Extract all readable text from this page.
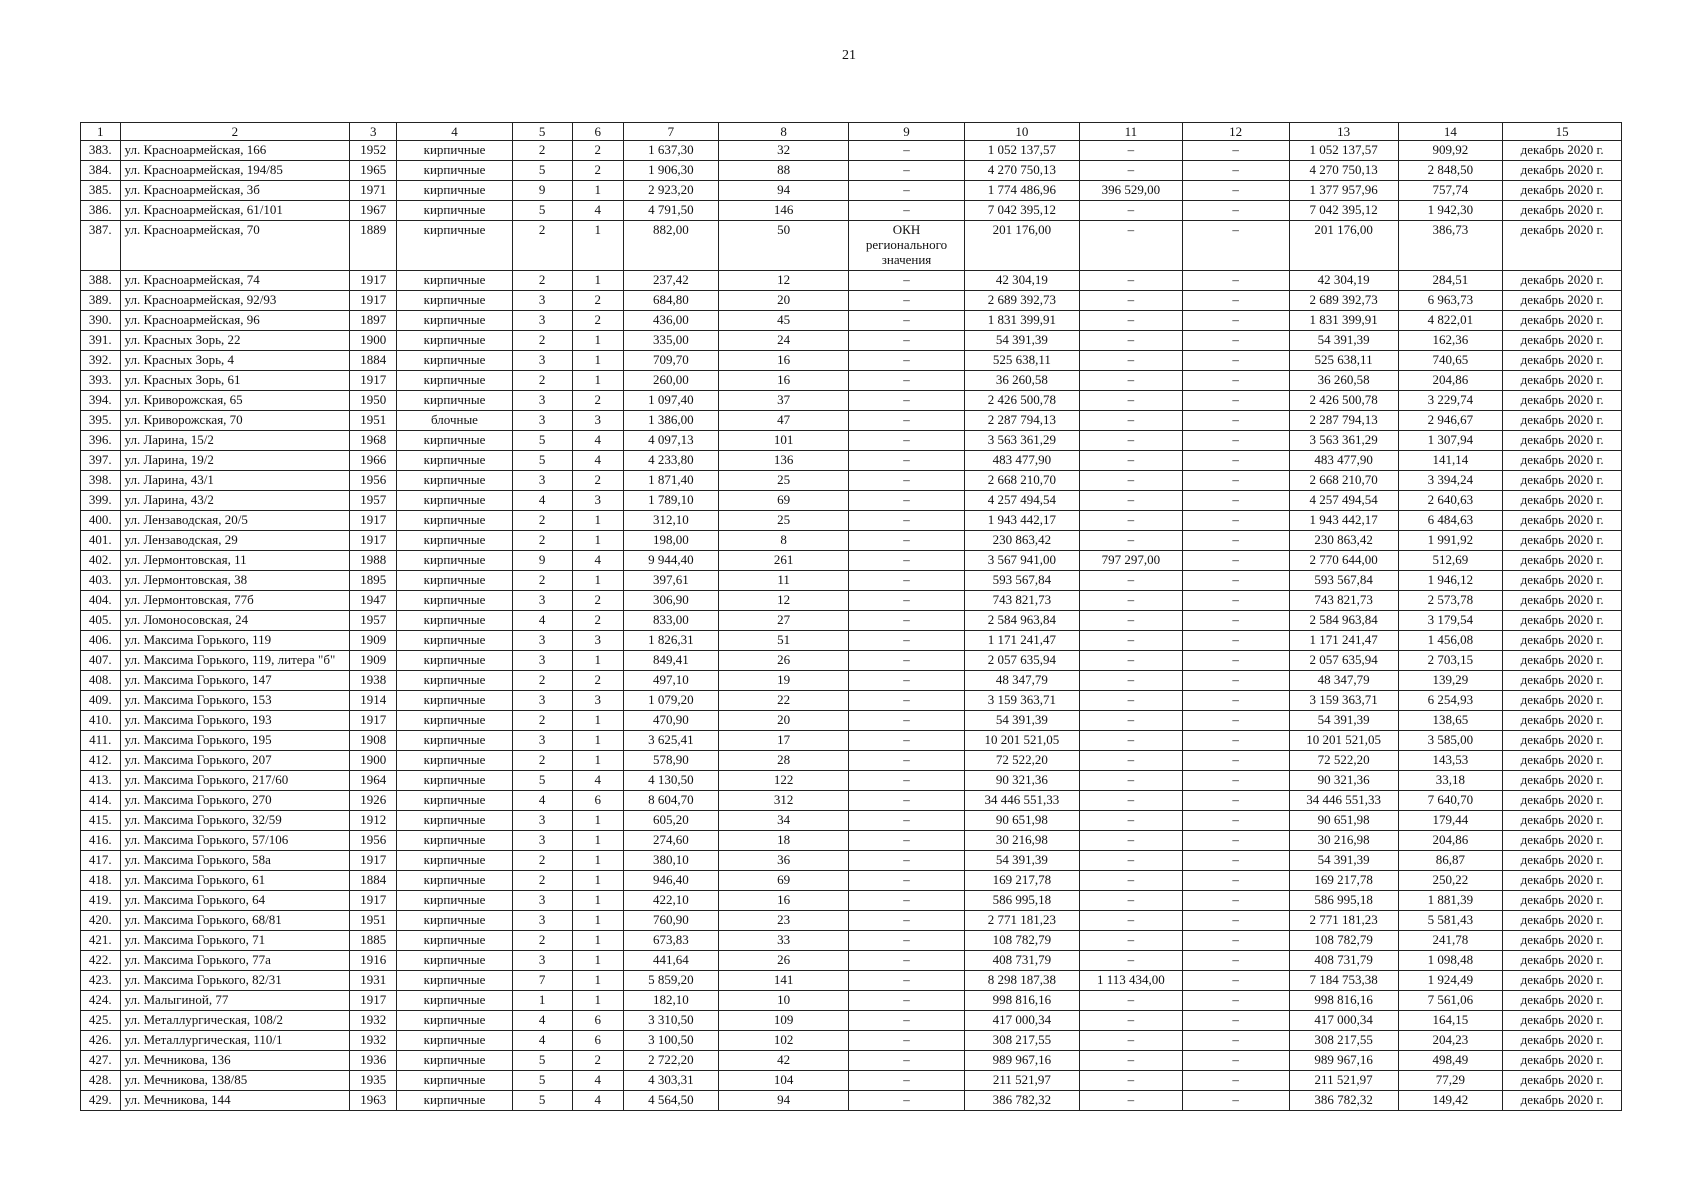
21
1	2	3	4	5	6	7	8	9	10	11	12	13	14	15
383.	ул. Красноармейская, 166	1952	кирпичные	2	2	1 637,30	32	–	1 052 137,57	–	–	1 052 137,57	909,92	декабрь 2020 г.
384.	ул. Красноармейская, 194/85	1965	кирпичные	5	2	1 906,30	88	–	4 270 750,13	–	–	4 270 750,13	2 848,50	декабрь 2020 г.
385.	ул. Красноармейская, 3б	1971	кирпичные	9	1	2 923,20	94	–	1 774 486,96	396 529,00	–	1 377 957,96	757,74	декабрь 2020 г.
386.	ул. Красноармейская, 61/101	1967	кирпичные	5	4	4 791,50	146	–	7 042 395,12	–	–	7 042 395,12	1 942,30	декабрь 2020 г.
387.	ул. Красноармейская, 70	1889	кирпичные	2	1	882,00	50	ОКН регионального значения	201 176,00	–	–	201 176,00	386,73	декабрь 2020 г.
388.	ул. Красноармейская, 74	1917	кирпичные	2	1	237,42	12	–	42 304,19	–	–	42 304,19	284,51	декабрь 2020 г.
389.	ул. Красноармейская, 92/93	1917	кирпичные	3	2	684,80	20	–	2 689 392,73	–	–	2 689 392,73	6 963,73	декабрь 2020 г.
390.	ул. Красноармейская, 96	1897	кирпичные	3	2	436,00	45	–	1 831 399,91	–	–	1 831 399,91	4 822,01	декабрь 2020 г.
391.	ул. Красных Зорь, 22	1900	кирпичные	2	1	335,00	24	–	54 391,39	–	–	54 391,39	162,36	декабрь 2020 г.
392.	ул. Красных Зорь, 4	1884	кирпичные	3	1	709,70	16	–	525 638,11	–	–	525 638,11	740,65	декабрь 2020 г.
393.	ул. Красных Зорь, 61	1917	кирпичные	2	1	260,00	16	–	36 260,58	–	–	36 260,58	204,86	декабрь 2020 г.
394.	ул. Криворожская, 65	1950	кирпичные	3	2	1 097,40	37	–	2 426 500,78	–	–	2 426 500,78	3 229,74	декабрь 2020 г.
395.	ул. Криворожская, 70	1951	блочные	3	3	1 386,00	47	–	2 287 794,13	–	–	2 287 794,13	2 946,67	декабрь 2020 г.
396.	ул. Ларина, 15/2	1968	кирпичные	5	4	4 097,13	101	–	3 563 361,29	–	–	3 563 361,29	1 307,94	декабрь 2020 г.
397.	ул. Ларина, 19/2	1966	кирпичные	5	4	4 233,80	136	–	483 477,90	–	–	483 477,90	141,14	декабрь 2020 г.
398.	ул. Ларина, 43/1	1956	кирпичные	3	2	1 871,40	25	–	2 668 210,70	–	–	2 668 210,70	3 394,24	декабрь 2020 г.
399.	ул. Ларина, 43/2	1957	кирпичные	4	3	1 789,10	69	–	4 257 494,54	–	–	4 257 494,54	2 640,63	декабрь 2020 г.
400.	ул. Лензаводская, 20/5	1917	кирпичные	2	1	312,10	25	–	1 943 442,17	–	–	1 943 442,17	6 484,63	декабрь 2020 г.
401.	ул. Лензаводская, 29	1917	кирпичные	2	1	198,00	8	–	230 863,42	–	–	230 863,42	1 991,92	декабрь 2020 г.
402.	ул. Лермонтовская, 11	1988	кирпичные	9	4	9 944,40	261	–	3 567 941,00	797 297,00	–	2 770 644,00	512,69	декабрь 2020 г.
403.	ул. Лермонтовская, 38	1895	кирпичные	2	1	397,61	11	–	593 567,84	–	–	593 567,84	1 946,12	декабрь 2020 г.
404.	ул. Лермонтовская, 77б	1947	кирпичные	3	2	306,90	12	–	743 821,73	–	–	743 821,73	2 573,78	декабрь 2020 г.
405.	ул. Ломоносовская, 24	1957	кирпичные	4	2	833,00	27	–	2 584 963,84	–	–	2 584 963,84	3 179,54	декабрь 2020 г.
406.	ул. Максима Горького, 119	1909	кирпичные	3	3	1 826,31	51	–	1 171 241,47	–	–	1 171 241,47	1 456,08	декабрь 2020 г.
407.	ул. Максима Горького, 119, литера "б"	1909	кирпичные	3	1	849,41	26	–	2 057 635,94	–	–	2 057 635,94	2 703,15	декабрь 2020 г.
408.	ул. Максима Горького, 147	1938	кирпичные	2	2	497,10	19	–	48 347,79	–	–	48 347,79	139,29	декабрь 2020 г.
409.	ул. Максима Горького, 153	1914	кирпичные	3	3	1 079,20	22	–	3 159 363,71	–	–	3 159 363,71	6 254,93	декабрь 2020 г.
410.	ул. Максима Горького, 193	1917	кирпичные	2	1	470,90	20	–	54 391,39	–	–	54 391,39	138,65	декабрь 2020 г.
411.	ул. Максима Горького, 195	1908	кирпичные	3	1	3 625,41	17	–	10 201 521,05	–	–	10 201 521,05	3 585,00	декабрь 2020 г.
412.	ул. Максима Горького, 207	1900	кирпичные	2	1	578,90	28	–	72 522,20	–	–	72 522,20	143,53	декабрь 2020 г.
413.	ул. Максима Горького, 217/60	1964	кирпичные	5	4	4 130,50	122	–	90 321,36	–	–	90 321,36	33,18	декабрь 2020 г.
414.	ул. Максима Горького, 270	1926	кирпичные	4	6	8 604,70	312	–	34 446 551,33	–	–	34 446 551,33	7 640,70	декабрь 2020 г.
415.	ул. Максима Горького, 32/59	1912	кирпичные	3	1	605,20	34	–	90 651,98	–	–	90 651,98	179,44	декабрь 2020 г.
416.	ул. Максима Горького, 57/106	1956	кирпичные	3	1	274,60	18	–	30 216,98	–	–	30 216,98	204,86	декабрь 2020 г.
417.	ул. Максима Горького, 58а	1917	кирпичные	2	1	380,10	36	–	54 391,39	–	–	54 391,39	86,87	декабрь 2020 г.
418.	ул. Максима Горького, 61	1884	кирпичные	2	1	946,40	69	–	169 217,78	–	–	169 217,78	250,22	декабрь 2020 г.
419.	ул. Максима Горького, 64	1917	кирпичные	3	1	422,10	16	–	586 995,18	–	–	586 995,18	1 881,39	декабрь 2020 г.
420.	ул. Максима Горького, 68/81	1951	кирпичные	3	1	760,90	23	–	2 771 181,23	–	–	2 771 181,23	5 581,43	декабрь 2020 г.
421.	ул. Максима Горького, 71	1885	кирпичные	2	1	673,83	33	–	108 782,79	–	–	108 782,79	241,78	декабрь 2020 г.
422.	ул. Максима Горького, 77а	1916	кирпичные	3	1	441,64	26	–	408 731,79	–	–	408 731,79	1 098,48	декабрь 2020 г.
423.	ул. Максима Горького, 82/31	1931	кирпичные	7	1	5 859,20	141	–	8 298 187,38	1 113 434,00	–	7 184 753,38	1 924,49	декабрь 2020 г.
424.	ул. Малыгиной, 77	1917	кирпичные	1	1	182,10	10	–	998 816,16	–	–	998 816,16	7 561,06	декабрь 2020 г.
425.	ул. Металлургическая, 108/2	1932	кирпичные	4	6	3 310,50	109	–	417 000,34	–	–	417 000,34	164,15	декабрь 2020 г.
426.	ул. Металлургическая, 110/1	1932	кирпичные	4	6	3 100,50	102	–	308 217,55	–	–	308 217,55	204,23	декабрь 2020 г.
427.	ул. Мечникова, 136	1936	кирпичные	5	2	2 722,20	42	–	989 967,16	–	–	989 967,16	498,49	декабрь 2020 г.
428.	ул. Мечникова, 138/85	1935	кирпичные	5	4	4 303,31	104	–	211 521,97	–	–	211 521,97	77,29	декабрь 2020 г.
429.	ул. Мечникова, 144	1963	кирпичные	5	4	4 564,50	94	–	386 782,32	–	–	386 782,32	149,42	декабрь 2020 г.
